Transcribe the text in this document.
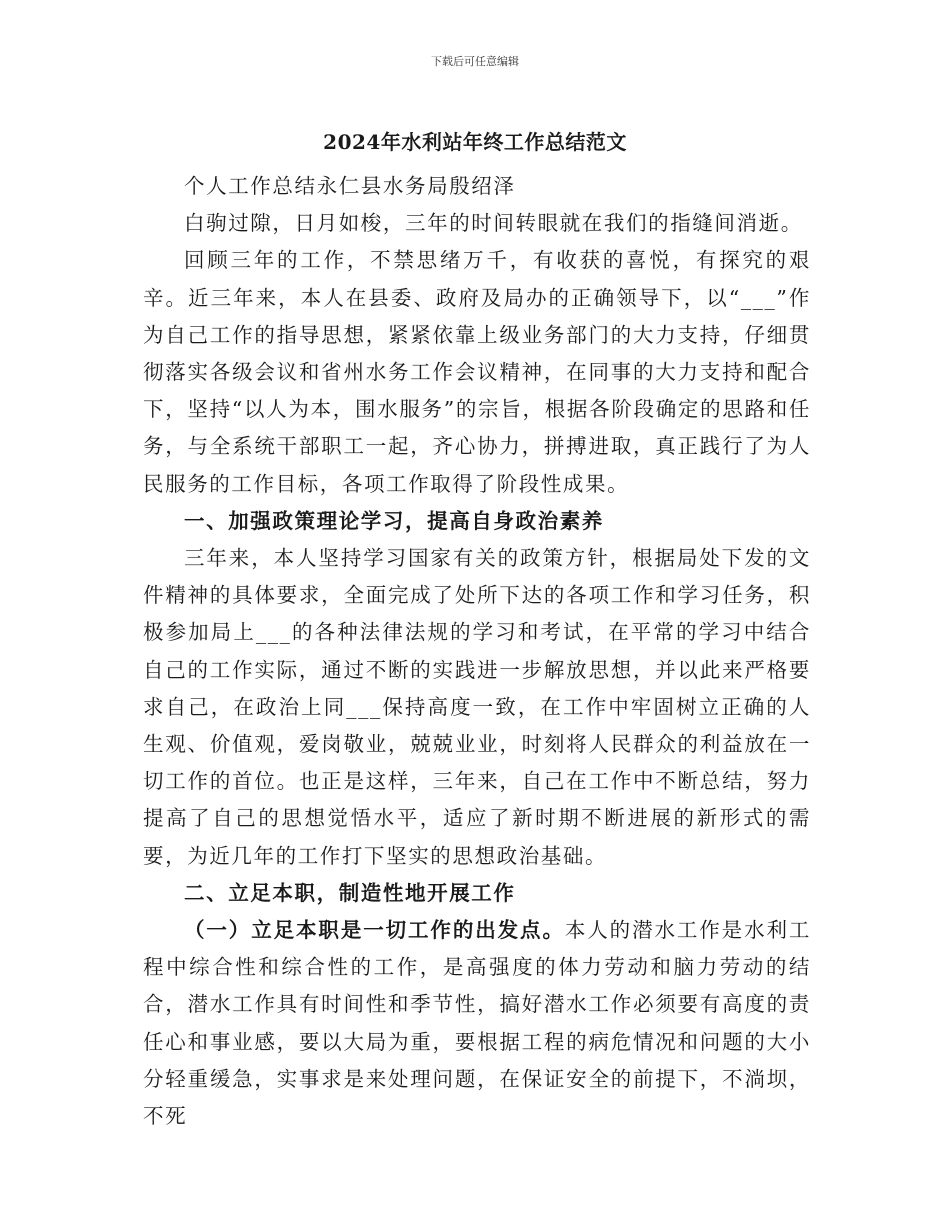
下载后可任意编辑
2024年水利站年终工作总结范文

个人工作总结永仁县水务局殷绍泽

白驹过隙，日月如梭，三年的时间转眼就在我们的指缝间消逝。

回顾三年的工作，不禁思绪万千，有收获的喜悦，有探究的艰辛。近三年来，本人在县委、政府及局办的正确领导下，以“___”作为自己工作的指导思想，紧紧依靠上级业务部门的大力支持，仔细贯彻落实各级会议和省州水务工作会议精神，在同事的大力支持和配合下，坚持“以人为本，围水服务”的宗旨，根据各阶段确定的思路和任务，与全系统干部职工一起，齐心协力，拼搏进取，真正践行了为人民服务的工作目标，各项工作取得了阶段性成果。

一、加强政策理论学习，提高自身政治素养

三年来，本人坚持学习国家有关的政策方针，根据局处下发的文件精神的具体要求，全面完成了处所下达的各项工作和学习任务，积极参加局上___的各种法律法规的学习和考试，在平常的学习中结合自己的工作实际，通过不断的实践进一步解放思想，并以此来严格要求自己，在政治上同___保持高度一致，在工作中牢固树立正确的人生观、价值观，爱岗敬业，兢兢业业，时刻将人民群众的利益放在一切工作的首位。也正是这样，三年来，自己在工作中不断总结，努力提高了自己的思想觉悟水平，适应了新时期不断进展的新形式的需要，为近几年的工作打下坚实的思想政治基础。

二、立足本职，制造性地开展工作

（一）立足本职是一切工作的出发点。本人的潜水工作是水利工程中综合性和综合性的工作，是高强度的体力劳动和脑力劳动的结合，潜水工作具有时间性和季节性，搞好潜水工作必须要有高度的责任心和事业感，要以大局为重，要根据工程的病危情况和问题的大小分轻重缓急，实事求是来处理问题，在保证安全的前提下，不淌坝，不死
